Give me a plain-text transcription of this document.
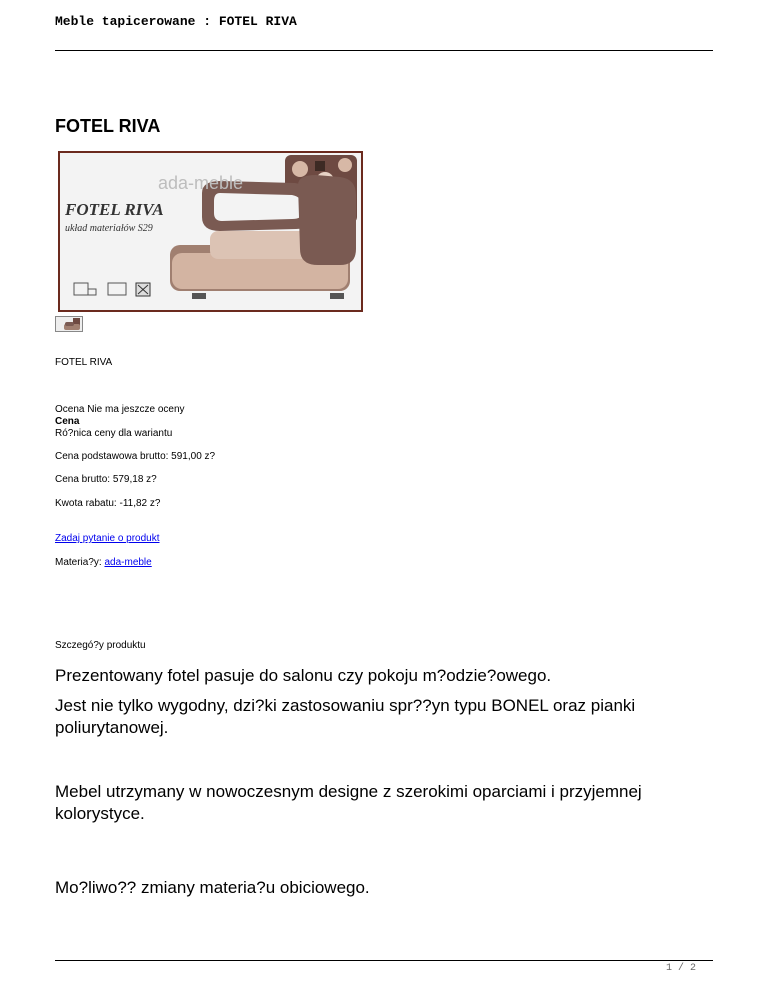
Meble tapicerowane : FOTEL RIVA
FOTEL RIVA
ada-meble
FOTEL RIVA
układ materiałów S29
FOTEL RIVA
Ocena Nie ma jeszcze oceny
Cena
Ró?nica ceny dla wariantu
Cena podstawowa brutto: 591,00 z?
Cena brutto: 579,18 z?
Kwota rabatu: -11,82 z?
Zadaj pytanie o produkt
Materia?y: ada-meble
Szczegó?y produktu
Prezentowany fotel pasuje do salonu czy pokoju m?odzie?owego.
Jest nie tylko wygodny, dzi?ki zastosowaniu spr??yn typu BONEL oraz pianki poliurytanowej.
Mebel utrzymany w nowoczesnym designe z szerokimi oparciami i przyjemnej kolorystyce.
Mo?liwo?? zmiany materia?u obiciowego.
1 / 2
